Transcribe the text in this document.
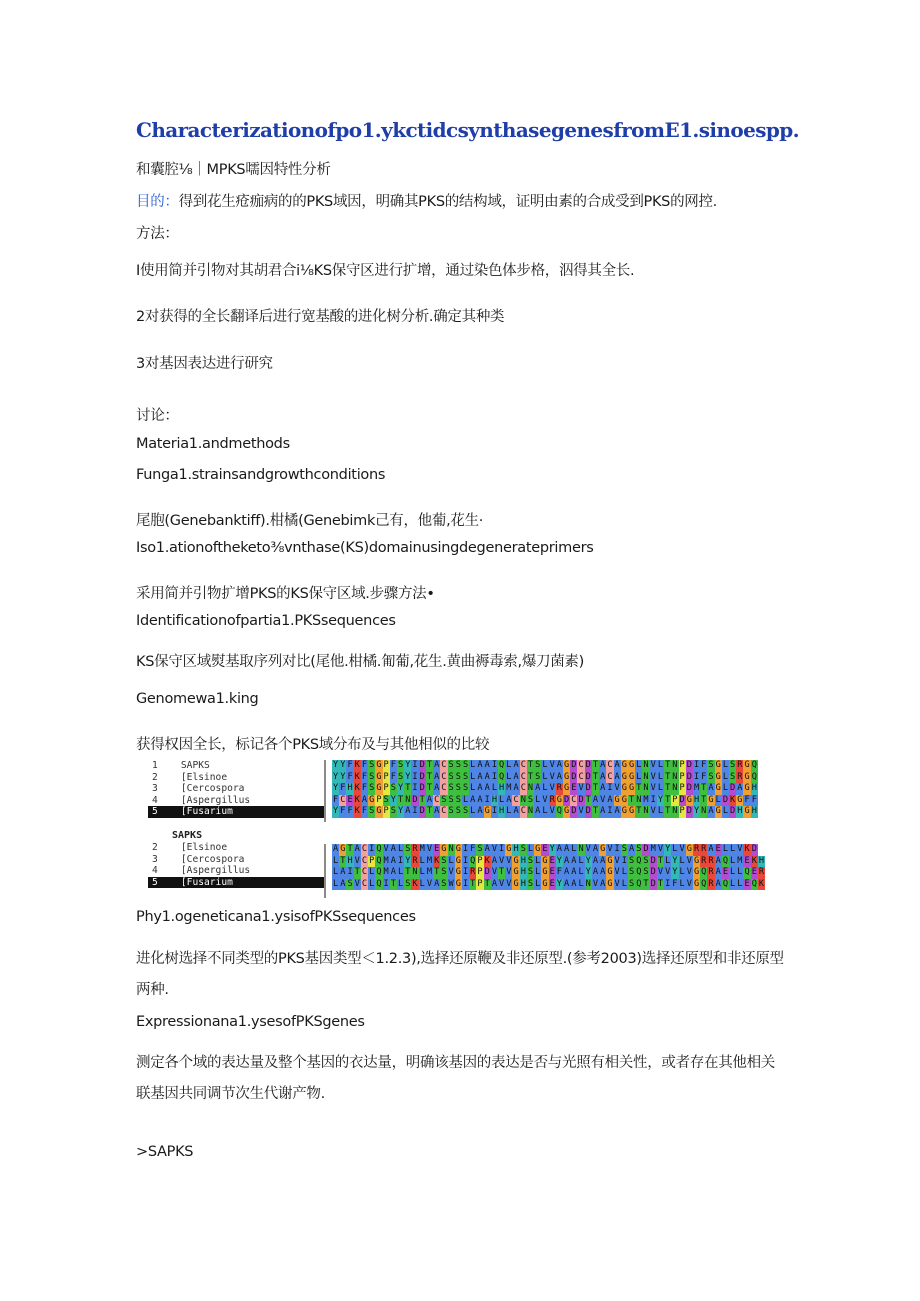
Characterizationofpo1.ykctidcsynthasegenesfromE1.sinoespp.
和囊腔⅛｜MPKS嚅因特性分析
目的：得到花生疮痂病的的PKS域因，明确其PKS的结构域，证明由素的合成受到PKS的网控.
方法：
I使用简并引物对其胡君合i⅛KS保守区进行扩增，通过染色体步格，泅得其全长.
2对获得的全长翻译后进行宽基酸的进化树分析.确定其种类
3对基因表达进行研究
讨论：
Materia1.andmethods
Funga1.strainsandgrowthconditions
尾胞(Genebanktiff).柑橘(Genebimk己有，他葡,花生·
Iso1.ationoftheketo⅜vnthase(KS)domainusingdegenerateprimers
采用简并引物扩增PKS的KS保守区域.步骤方法•
Identificationofpartia1.PKSsequences
KS保守区域熨基取序列对比(尾他.柑橘.匍葡,花生.黄曲褥毒索,爆刀菌素)
Genomewa1.king
获得权因全长，标记各个PKS域分布及与其他相似的比较
1    SAPKS
2    [Elsinoe
3    [Cercospora
4    [Aspergillus
5    [Fusarium
Y Y F K F S G P F S Y I D T A C S S S L A A I Q L A C T S L V A G D C D T A C A G G L N V L T N P D I F S G L S R G Q
Y Y F K F S G P F S Y I D T A C S S S L A A I Q L A C T S L V A G D C D T A C A G G L N V L T N P D I F S G L S R G Q
Y F H K F S G P S Y T I D T A C S S S L A A L H M A C N A L V R G E V D T A I V G G T N V L T N P D M T A G L D A G H
F C E K A G P S Y T N D T A C S S S L A A I H L A C N S L V R G D C D T A V A G G T N M I Y T P D G H T G L D K G F F
Y F F K F S G P S Y A I D T A C S S S L A G I H L A C N A L V Q G D V D T A I A G G T N V L T N P D Y N A G L D H G H
SAPKS
2    [Elsinoe
3    [Cercospora
4    [Aspergillus
5    [Fusarium
A G T A C I Q V A L S R M V E G N G I F S A V I G H S L G E Y A A L N V A G V I S A S D M V Y L V G R R A E L L V K D
L T H V C P Q M A I Y R L M K S L G I Q P K A V V G H S L G E Y A A L Y A A G V I S Q S D T L Y L V G R R A Q L M E K H
L A I T C L Q M A L T N L M T S V G I R P D V T V G H S L G E F A A L Y A A G V L S Q S D V V Y L V G Q R A E L L Q E R
L A S V C L Q I T L S K L V A S W G I T P T A V V G H S L G E Y A A L N V A G V L S Q T D T I F L V G Q R A Q L L E Q K
Phy1.ogeneticana1.ysisofPKSsequences
进化树选择不同类型的PKS基因类型＜1.2.3),选择还原鞭及非还原型.(参考2003)选择还原型和非还原型两种.
Expressionana1.ysesofPKSgenes
测定各个域的表达量及整个基因的衣达量，明确该基因的表达是否与光照有相关性，或者存在其他相关联基因共同调节次生代谢产物.
>SAPKS
